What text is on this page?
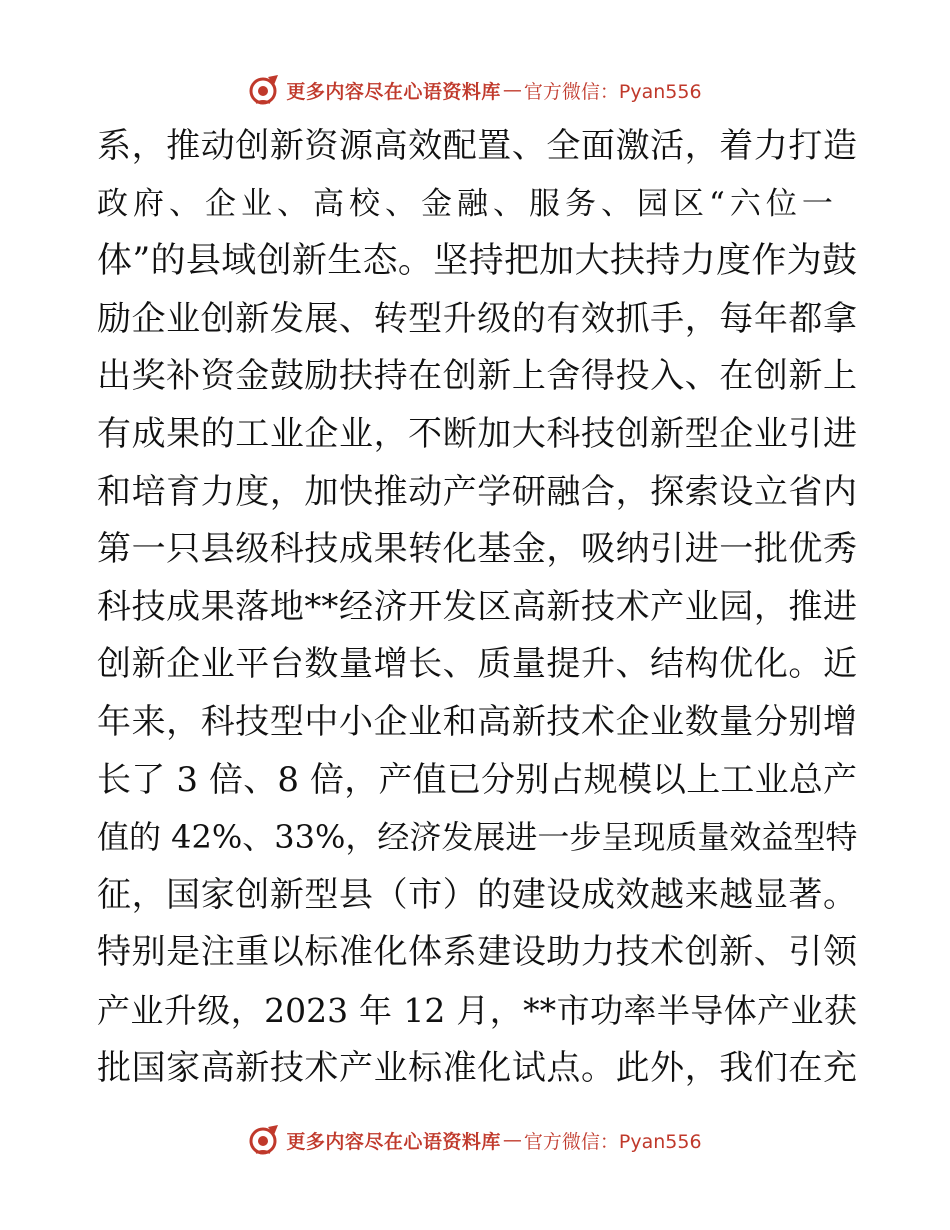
更多内容尽在心语资料库 — 官方微信：Pyan556
系，推动创新资源高效配置、全面激活，着力打造
政府、企业、高校、金融、服务、园区“六位一
体”的县域创新生态。坚持把加大扶持力度作为鼓
励企业创新发展、转型升级的有效抓手，每年都拿
出奖补资金鼓励扶持在创新上舍得投入、在创新上
有成果的工业企业，不断加大科技创新型企业引进
和培育力度，加快推动产学研融合，探索设立省内
第一只县级科技成果转化基金，吸纳引进一批优秀
科技成果落地**经济开发区高新技术产业园，推进
创新企业平台数量增长、质量提升、结构优化。近
年来，科技型中小企业和高新技术企业数量分别增
长了 3 倍、8 倍，产值已分别占规模以上工业总产
值的 42%、33%，经济发展进一步呈现质量效益型特
征，国家创新型县（市）的建设成效越来越显著。
特别是注重以标准化体系建设助力技术创新、引领
产业升级，2023 年 12 月，**市功率半导体产业获
批国家高新技术产业标准化试点。此外，我们在充
更多内容尽在心语资料库 — 官方微信：Pyan556
